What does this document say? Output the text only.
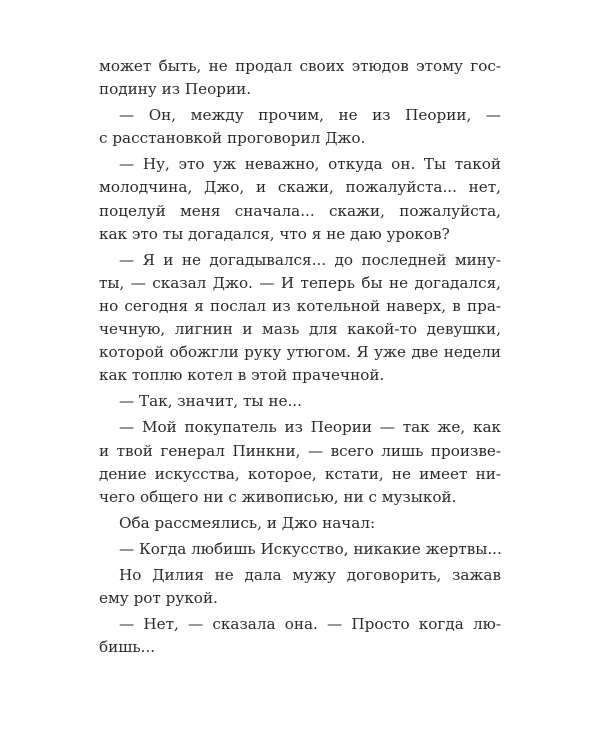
может быть, не продал своих этюдов этому гос-
подину из Пеории.
— Он, между прочим, не из Пеории, —
с расстановкой проговорил Джо.
— Ну, это уж неважно, откуда он. Ты такой
молодчина, Джо, и скажи, пожалуйста... нет,
поцелуй меня сначала... скажи, пожалуйста,
как это ты догадался, что я не даю уроков?
— Я и не догадывался... до последней мину-
ты, — сказал Джо. — И теперь бы не догадался,
но сегодня я послал из котельной наверх, в пра-
чечную, лигнин и мазь для какой-то девушки,
которой обожгли руку утюгом. Я уже две недели
как топлю котел в этой прачечной.
— Так, значит, ты не...
— Мой покупатель из Пеории — так же, как
и твой генерал Пинкни, — всего лишь произве-
дение искусства, которое, кстати, не имеет ни-
чего общего ни с живописью, ни с музыкой.
Оба рассмеялись, и Джо начал:
— Когда любишь Искусство, никакие жертвы...
Но Дилия не дала мужу договорить, зажав
ему рот рукой.
— Нет, — сказала она. — Просто когда лю-
бишь...
